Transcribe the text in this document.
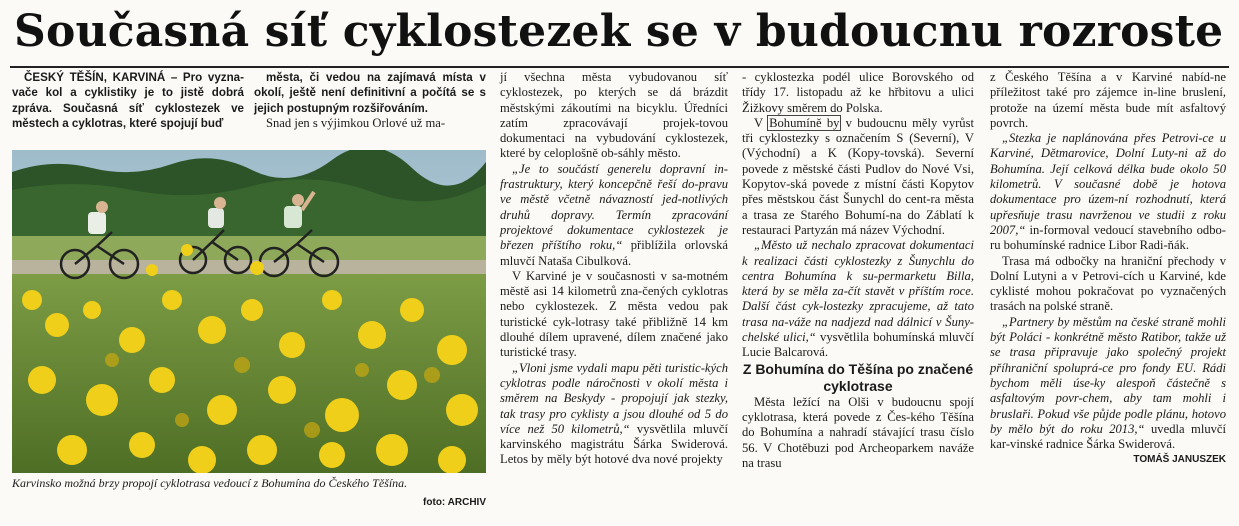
Současná síť cyklostezek se v budoucnu rozroste

ČESKÝ TĚŠÍN, KARVINÁ – Pro vyzna-vače kol a cyklistiky je to jistě dobrá zpráva. Současná síť cyklostezek ve městech a cyklotras, které spojují buď

města, či vedou na zajímavá místa v okolí, ještě není definitivní a počítá se s jejich postupným rozšiřováním.

Snad jen s výjimkou Orlové už ma-

Karvinsko možná brzy propojí cyklotrasa vedoucí z Bohumína do Českého Těšína.
foto: ARCHIV

jí všechna města vybudovanou síť cyklostezek, po kterých se dá brázdit městskými zákoutími na bicyklu. Úředníci zatím zpracovávají projek-tovou dokumentaci na vybudování cyklostezek, které by celoplošně ob-sáhly město.

„Je to součástí generelu dopravní in-frastruktury, který koncepčně řeší do-pravu ve městě včetně návazností jed-notlivých druhů dopravy. Termín zpracování projektové dokumentace cyklostezek je březen příštího roku,“ přiblížila orlovská mluvčí Nataša Cibulková.

V Karviné je v současnosti v sa-motném městě asi 14 kilometrů zna-čených cyklotras nebo cyklostezek. Z města vedou pak turistické cyk-lotrasy také přibližně 14 km dlouhé dílem upravené, dílem značené jako turistické trasy.

„Vloni jsme vydali mapu pěti turistic-kých cyklotras podle náročnosti v okolí města i směrem na Beskydy - propojují jak stezky, tak trasy pro cyklisty a jsou dlouhé od 5 do více než 50 kilometrů,“ vysvětlila mluvčí karvinského magistrátu Šárka Swiderová. Letos by měly být hotové dva nové projekty

- cyklostezka podél ulice Borovského od třídy 17. listopadu až ke hřbitovu a ulici Žižkovy směrem do Polska.

V Bohumíně by v budoucnu měly vyrůst tři cyklostezky s označením S (Severní), V (Východní) a K (Kopy-tovská). Severní povede z městské části Pudlov do Nové Vsi, Kopytov-ská povede z místní části Kopytov přes městskou část Šunychl do cent-ra města a trasa ze Starého Bohumí-na do Záblatí k restauraci Partyzán má název Východní.

„Město už nechalo zpracovat dokumentaci k realizaci části cyklostezky z Šunychlu do centra Bohumína k su-permarketu Billa, která by se měla za-čít stavět v příštím roce. Další část cyk-lostezky zpracujeme, až tato trasa na-váže na nadjezd nad dálnicí v Šuny-chelské ulici,“ vysvětlila bohumínská mluvčí Lucie Balcarová.

Z Bohumína do Těšína po značené cyklotrase

Města ležící na Olši v budoucnu spojí cyklotrasa, která povede z Čes-kého Těšína do Bohumína a nahradí stávající trasu číslo 56. V Chotěbuzi pod Archeoparkem naváže na trasu

z Českého Těšína a v Karviné nabíd-ne příležitost také pro zájemce in-line bruslení, protože na území města bude mít asfaltový povrch.

„Stezka je naplánována přes Petrovi-ce u Karviné, Dětmarovice, Dolní Luty-ni až do Bohumína. Její celková délka bude okolo 50 kilometrů. V současné době je hotova dokumentace pro územ-ní rozhodnutí, která upřesňuje trasu navrženou ve studii z roku 2007,“ in-formoval vedoucí stavebního odbo-ru bohumínské radnice Libor Radi-ňák.

Trasa má odbočky na hraniční přechody v Dolní Lutyni a v Petrovi-cích u Karviné, kde cyklisté mohou pokračovat po vyznačených trasách na polské straně.

„Partnery by městům na české straně mohli být Poláci - konkrétně město Ratibor, takže už se trasa připravuje jako společný projekt příhraniční spoluprá-ce pro fondy EU. Rádi bychom měli úse-ky alespoň částečně s asfaltovým povr-chem, aby tam mohli i bruslaři. Pokud vše půjde podle plánu, hotovo by mělo být do roku 2013,“ uvedla mluvčí kar-vinské radnice Šárka Swiderová.

TOMÁŠ JANUSZEK
